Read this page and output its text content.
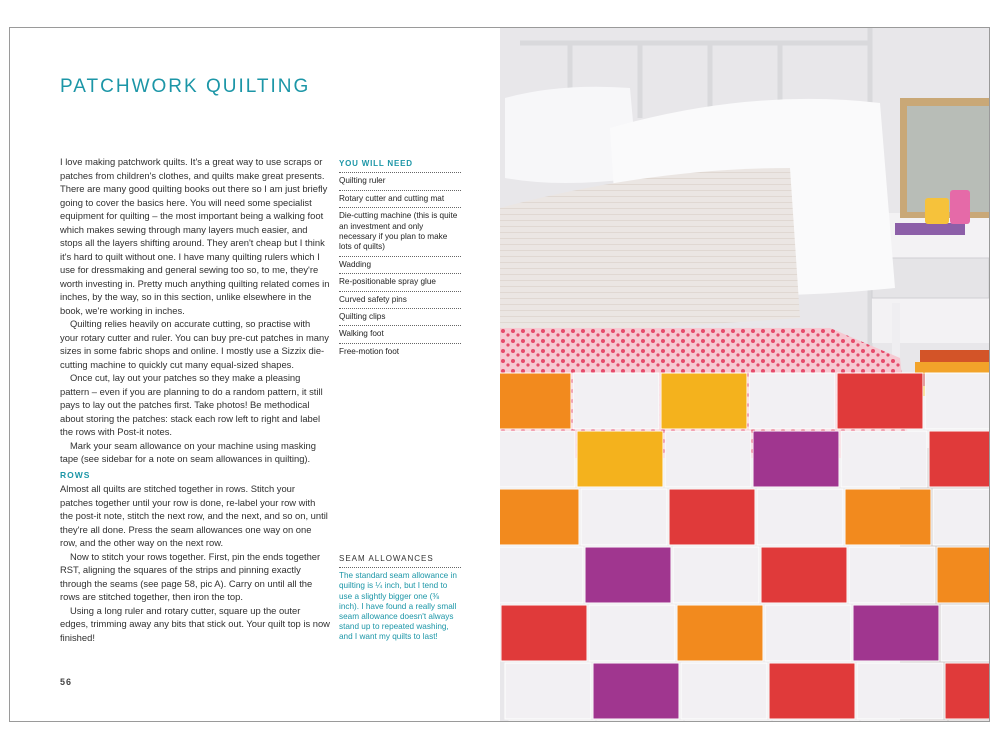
PATCHWORK QUILTING

I love making patchwork quilts. It's a great way to use scraps or patches from children's clothes, and quilts make great presents. There are many good quilting books out there so I am just briefly going to cover the basics here. You will need some specialist equipment for quilting – the most important being a walking foot which makes sewing through many layers much easier, and stops all the layers shifting around. They aren't cheap but I think it's hard to quilt without one. I have many quilting rulers which I use for dressmaking and general sewing too so, to me, they're worth investing in. Pretty much anything quilting related comes in inches, by the way, so in this section, unlike elsewhere in the book, we're working in inches.

Quilting relies heavily on accurate cutting, so practise with your rotary cutter and ruler. You can buy pre-cut patches in many sizes in some fabric shops and online. I mostly use a Sizzix die-cutting machine to quickly cut many equal-sized shapes.

Once cut, lay out your patches so they make a pleasing pattern – even if you are planning to do a random pattern, it still pays to lay out the patches first. Take photos! Be methodical about storing the patches: stack each row left to right and label the rows with Post-it notes.

Mark your seam allowance on your machine using masking tape (see sidebar for a note on seam allowances in quilting).

ROWS

Almost all quilts are stitched together in rows. Stitch your patches together until your row is done, re-label your row with the post-it note, stitch the next row, and the next, and so on, until they're all done. Press the seam allowances one way on one row, and the other way on the next row.

Now to stitch your rows together. First, pin the ends together RST, aligning the squares of the strips and pinning exactly through the seams (see page 58, pic A). Carry on until all the rows are stitched together, then iron the top.

Using a long ruler and rotary cutter, square up the outer edges, trimming away any bits that stick out. Your quilt top is now finished!

YOU WILL NEED
Quilting ruler
Rotary cutter and cutting mat
Die-cutting machine (this is quite an investment and only necessary if you plan to make lots of quilts)
Wadding
Re-positionable spray glue
Curved safety pins
Quilting clips
Walking foot
Free-motion foot
SEAM ALLOWANCES
The standard seam allowance in quilting is ¼ inch, but I tend to use a slightly bigger one (⅜ inch). I have found a really small seam allowance doesn't always stand up to repeated washing, and I want my quilts to last!
56
